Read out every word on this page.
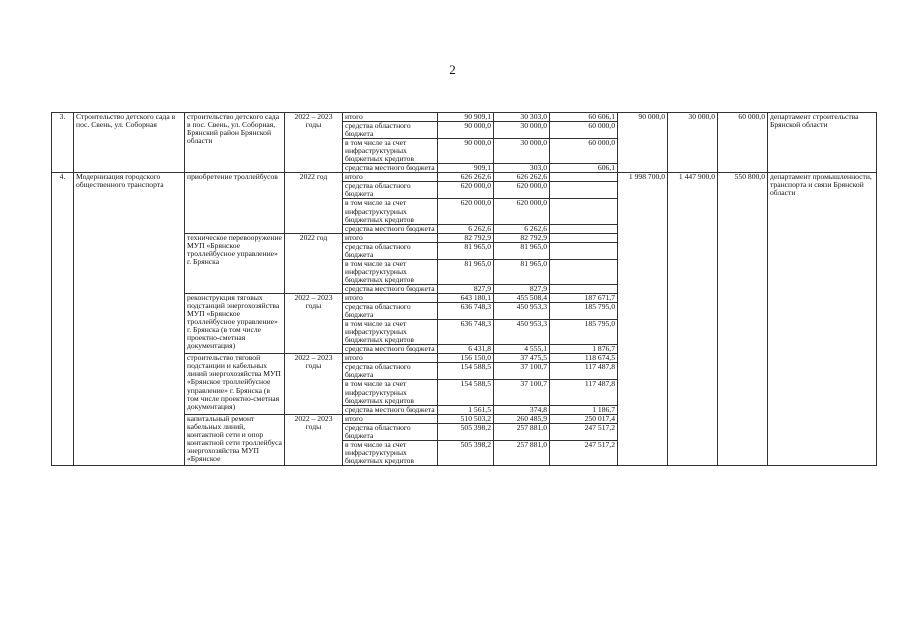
2
3.	Строительство детского сада в пос. Свень, ул. Соборная	строительство детского сада в пос. Свень, ул. Соборная, Брянский район Брянской области	2022 – 2023 годы	итого	90 909,1	30 303,0	60 606,1	90 000,0	30 000,0	60 000,0	департамент строительства Брянской области
				средства областного бюджета	90 000,0	30 000,0	60 000,0				
				в том числе за счет инфраструктурных бюджетных кредитов	90 000,0	30 000,0	60 000,0				
				средства местного бюджета	909,1	303,0	606,1				
4.	Модернизация городского общественного транспорта	приобретение троллейбусов	2022 год	итого	626 262,6	626 262,6		1 998 700,0	1 447 900,0	550 800,0	департамент промышленности, транспорта и связи Брянской области
				средства областного бюджета	620 000,0	620 000,0					
				в том числе за счет инфраструктурных бюджетных кредитов	620 000,0	620 000,0					
				средства местного бюджета	6 262,6	6 262,6					
		техническое перевооружение МУП «Брянское троллейбусное управление» г. Брянска	2022 год	итого	82 792,9	82 792,9					
				средства областного бюджета	81 965,0	81 965,0					
				в том числе за счет инфраструктурных бюджетных кредитов	81 965,0	81 965,0					
				средства местного бюджета	827,9	827,9					
		реконструкция тяговых подстанций энергохозяйства МУП «Брянское троллейбусное управление» г. Брянска (в том числе проектно-сметная документация)	2022 – 2023 годы	итого	643 180,1	455 508,4	187 671,7				
				средства областного бюджета	636 748,3	450 953,3	185 795,0				
				в том числе за счет инфраструктурных бюджетных кредитов	636 748,3	450 953,3	185 795,0				
				средства местного бюджета	6 431,8	4 555,1	1 876,7				
		строительство тяговой подстанции и кабельных линий энергохозяйства МУП «Брянское троллейбусное управление» г. Брянска (в том числе проектно-сметная документация)	2022 – 2023 годы	итого	156 150,0	37 475,5	118 674,5				
				средства областного бюджета	154 588,5	37 100,7	117 487,8				
				в том числе за счет инфраструктурных бюджетных кредитов	154 588,5	37 100,7	117 487,8				
				средства местного бюджета	1 561,5	374,8	1 186,7				
		капитальный ремонт кабельных линий, контактной сети и опор контактной сети троллейбуса энергохозяйства МУП «Брянское	2022 – 2023 годы	итого	510 503,2	260 485,9	250 017,4				
				средства областного бюджета	505 398,2	257 881,0	247 517,2				
				в том числе за счет инфраструктурных бюджетных кредитов	505 398,2	257 881,0	247 517,2				
